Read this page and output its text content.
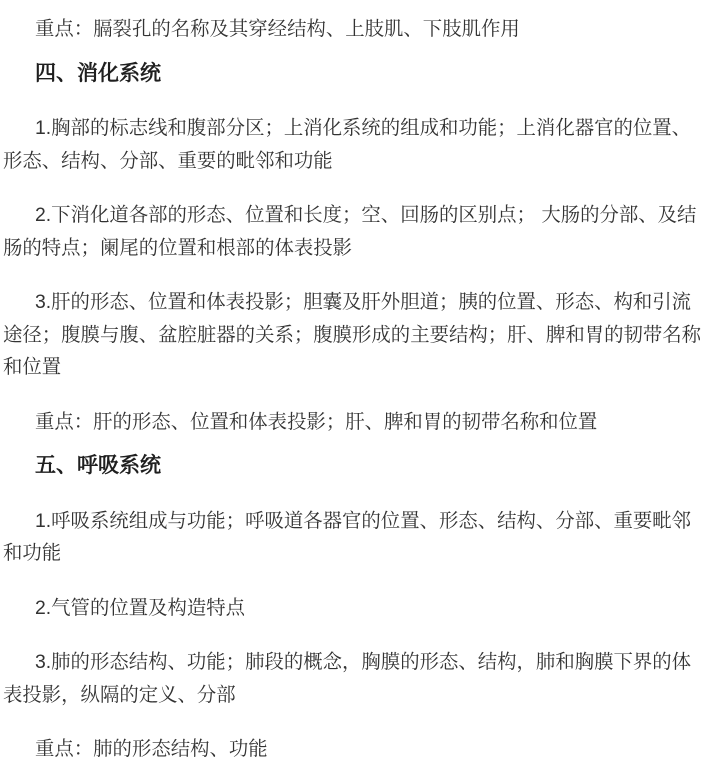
重点：膈裂孔的名称及其穿经结构、上肢肌、下肢肌作用

四、消化系统

1.胸部的标志线和腹部分区；上消化系统的组成和功能；上消化器官的位置、形态、结构、分部、重要的毗邻和功能

2.下消化道各部的形态、位置和长度；空、回肠的区别点； 大肠的分部、及结肠的特点；阑尾的位置和根部的体表投影

3.肝的形态、位置和体表投影；胆囊及肝外胆道；胰的位置、形态、构和引流途径；腹膜与腹、盆腔脏器的关系；腹膜形成的主要结构；肝、脾和胃的韧带名称和位置

重点：肝的形态、位置和体表投影；肝、脾和胃的韧带名称和位置

五、呼吸系统

1.呼吸系统组成与功能；呼吸道各器官的位置、形态、结构、分部、重要毗邻和功能

2.气管的位置及构造特点

3.肺的形态结构、功能；肺段的概念，胸膜的形态、结构，肺和胸膜下界的体表投影，纵隔的定义、分部

重点：肺的形态结构、功能
